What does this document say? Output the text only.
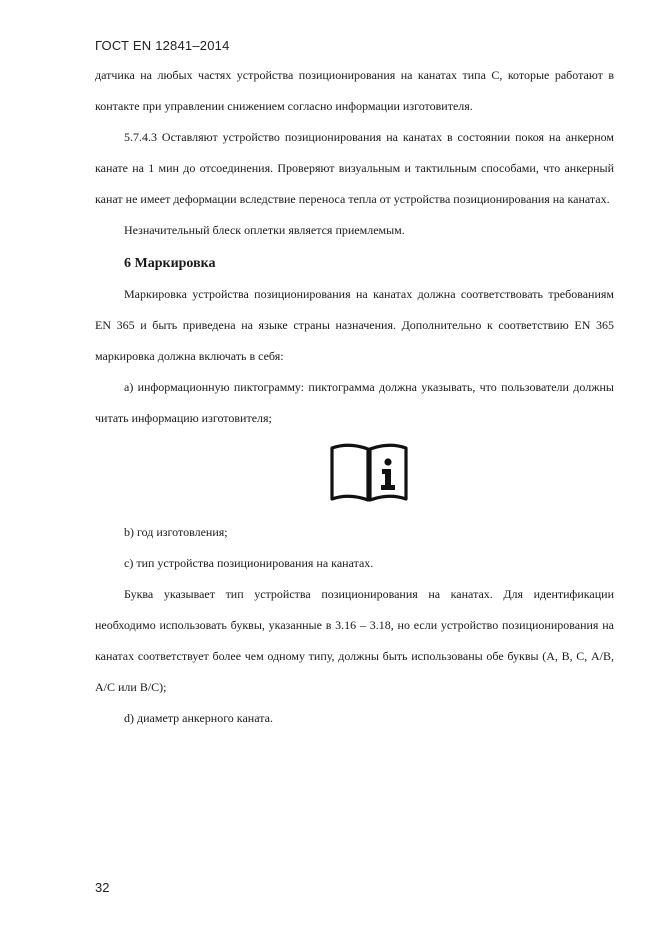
ГОСТ EN 12841–2014

датчика на любых частях устройства позиционирования на канатах типа С, которые работают в контакте при управлении снижением согласно информации изготовителя.

5.7.4.3 Оставляют устройство позиционирования на канатах в состоянии покоя на анкерном канате на 1 мин до отсоединения. Проверяют визуальным и тактильным способами, что анкерный канат не имеет деформации вследствие переноса тепла от устройства позиционирования на канатах.

Незначительный блеск оплетки является приемлемым.

6 Маркировка

Маркировка устройства позиционирования на канатах должна соответствовать требованиям EN 365 и быть приведена на языке страны назначения. Дополнительно к соответствию EN 365 маркировка должна включать в себя:

а) информационную пиктограмму: пиктограмма должна указывать, что пользователи должны читать информацию изготовителя;

i

b) год изготовления;

с) тип устройства позиционирования на канатах.

Буква указывает тип устройства позиционирования на канатах. Для идентификации необходимо использовать буквы, указанные в 3.16 – 3.18, но если устройство позиционирования на канатах соответствует более чем одному типу, должны быть использованы обе буквы (А, В, С, А/В, А/С или В/С);

d) диаметр анкерного каната.

32
